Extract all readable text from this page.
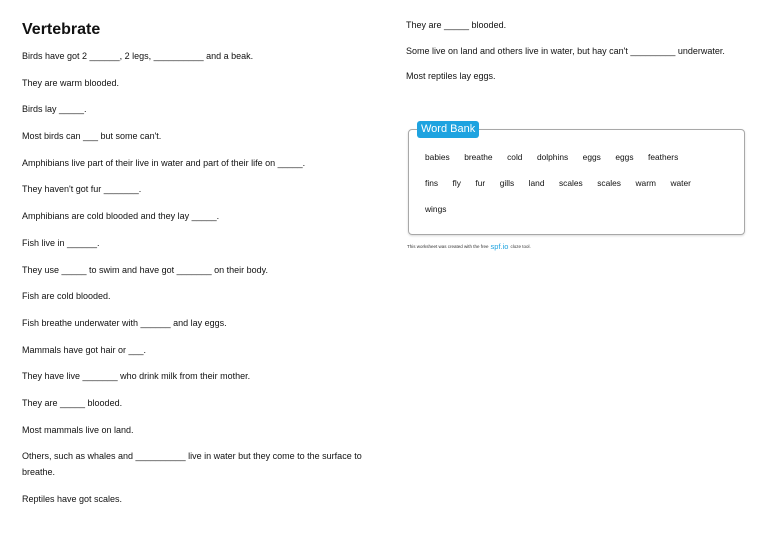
Vertebrate

Birds have got 2 ______, 2 legs, __________ and a beak.

They are warm blooded.

Birds lay _____.

Most birds can ___ but some can't.

Amphibians live part of their live in water and part of their life on _____.

They haven't got fur _______.

Amphibians are cold blooded and they lay _____.

Fish live in ______.

They use _____ to swim and have got _______ on their body.

Fish are cold blooded.

Fish breathe underwater with ______ and lay eggs.

Mammals have got hair or ___.

They have live _______ who drink milk from their mother.

They are _____ blooded.

Most mammals live on land.

Others, such as whales and __________ live in water but they come to the surface to breathe.

Reptiles have got scales.

They are _____ blooded.

Some live on land and others live in water, but hay can't _________ underwater.

Most reptiles lay eggs.

Word Bank
babies breathe cold dolphins eggs eggs feathers
fins fly fur gills land scales scales warm water
wings
This worksheet was created with the free spf.io cloze tool.
